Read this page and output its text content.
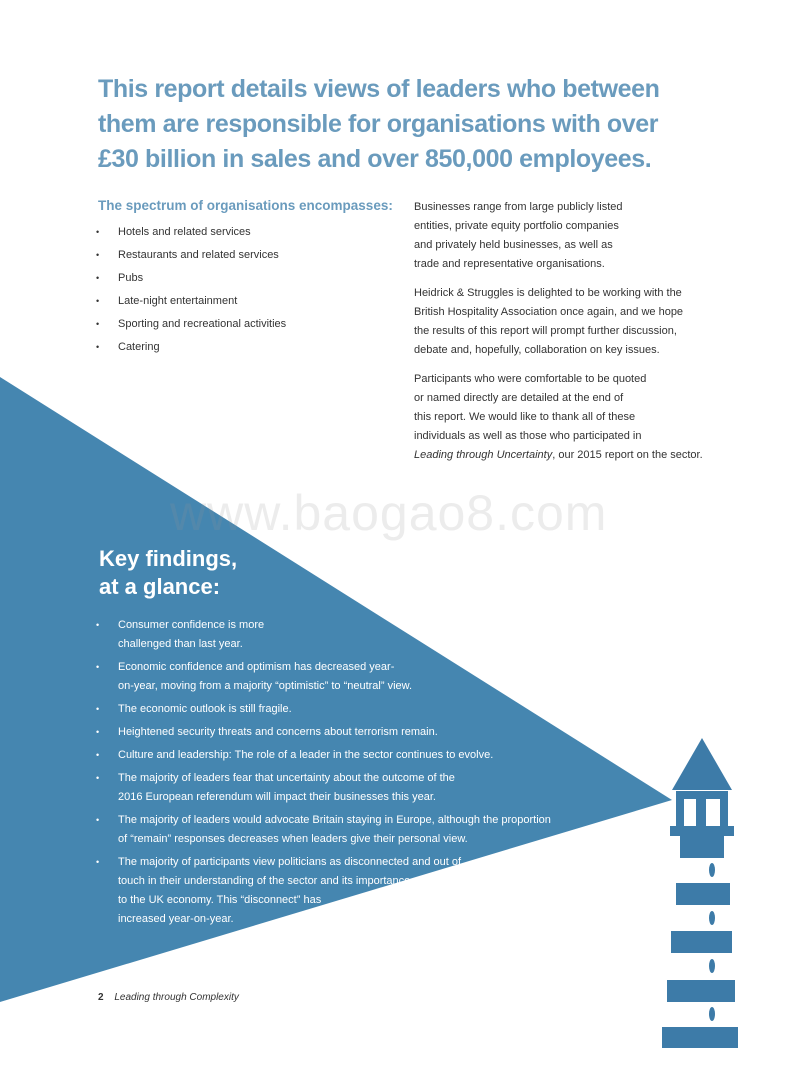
This report details views of leaders who between
them are responsible for organisations with over
£30 billion in sales and over 850,000 employees.
The spectrum of organisations encompasses:
• Hotels and related services
• Restaurants and related services
• Pubs
• Late-night entertainment
• Sporting and recreational activities
• Catering

Businesses range from large publicly listed
entities, private equity portfolio companies
and privately held businesses, as well as
trade and representative organisations.

Heidrick & Struggles is delighted to be working with the
British Hospitality Association once again, and we hope
the results of this report will prompt further discussion,
debate and, hopefully, collaboration on key issues.

Participants who were comfortable to be quoted
or named directly are detailed at the end of
this report. We would like to thank all of these
individuals as well as those who participated in
Leading through Uncertainty, our 2015 report on the sector.

www.baogao8.com
Key findings,
at a glance:
• Consumer confidence is more
challenged than last year.
• Economic confidence and optimism has decreased year-
on-year, moving from a majority “optimistic” to “neutral” view.
• The economic outlook is still fragile.
• Heightened security threats and concerns about terrorism remain.
• Culture and leadership: The role of a leader in the sector continues to evolve.
• The majority of leaders fear that uncertainty about the outcome of the
2016 European referendum will impact their businesses this year.
• The majority of leaders would advocate Britain staying in Europe, although the proportion
of “remain” responses decreases when leaders give their personal view.
• The majority of participants view politicians as disconnected and out of
touch in their understanding of the sector and its importance
to the UK economy. This “disconnect” has
increased year-on-year.
2 Leading through Complexity
